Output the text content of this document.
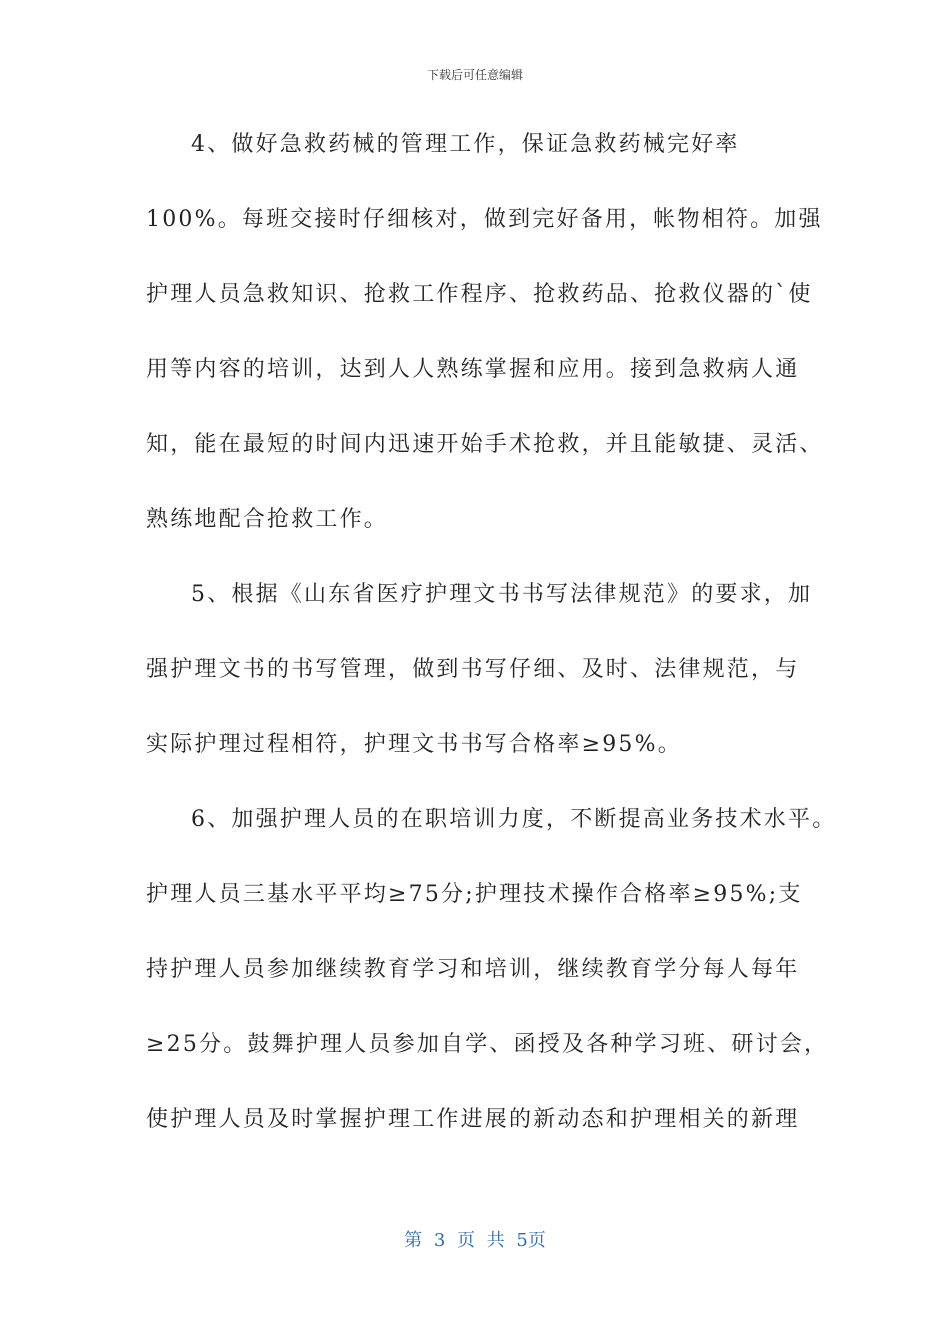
下载后可任意编辑
4、做好急救药械的管理工作，保证急救药械完好率
100%。每班交接时仔细核对，做到完好备用，帐物相符。加强
护理人员急救知识、抢救工作程序、抢救药品、抢救仪器的`使
用等内容的培训，达到人人熟练掌握和应用。接到急救病人通
知，能在最短的时间内迅速开始手术抢救，并且能敏捷、灵活、
熟练地配合抢救工作。
5、根据《山东省医疗护理文书书写法律规范》的要求，加
强护理文书的书写管理，做到书写仔细、及时、法律规范，与
实际护理过程相符，护理文书书写合格率≥95%。
6、加强护理人员的在职培训力度，不断提高业务技术水平。
护理人员三基水平平均≥75分;护理技术操作合格率≥95%;支
持护理人员参加继续教育学习和培训，继续教育学分每人每年
≥25分。鼓舞护理人员参加自学、函授及各种学习班、研讨会，
使护理人员及时掌握护理工作进展的新动态和护理相关的新理
第 3 页 共 5页
